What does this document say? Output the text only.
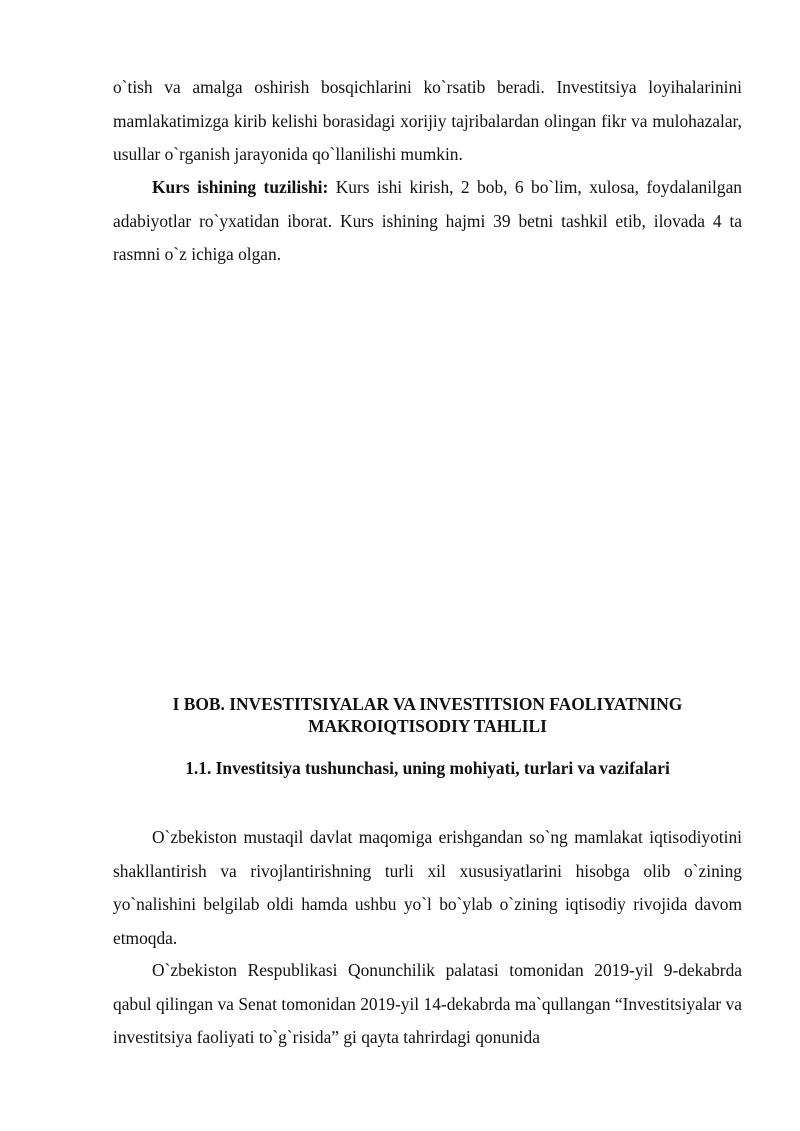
o`tish va amalga oshirish bosqichlarini ko`rsatib beradi. Investitsiya loyihalarinini mamlakatimizga kirib kelishi borasidagi xorijiy tajribalardan olingan fikr va mulohazalar, usullar o`rganish jarayonida qo`llanilishi mumkin.

Kurs ishining tuzilishi: Kurs ishi kirish, 2 bob, 6 bo`lim, xulosa, foydalanilgan adabiyotlar ro`yxatidan iborat. Kurs ishining hajmi 39 betni tashkil etib, ilovada 4 ta rasmni o`z ichiga olgan.

I BOB. INVESTITSIYALAR VA INVESTITSION FAOLIYATNING
MAKROIQTISODIY TAHLILI
1.1. Investitsiya tushunchasi, uning mohiyati, turlari va vazifalari

O`zbekiston mustaqil davlat maqomiga erishgandan so`ng mamlakat iqtisodiyotini shakllantirish va rivojlantirishning turli xil xususiyatlarini hisobga olib o`zining yo`nalishini belgilab oldi hamda ushbu yo`l bo`ylab o`zining iqtisodiy rivojida davom etmoqda.

O`zbekiston Respublikasi Qonunchilik palatasi tomonidan 2019-yil 9-dekabrda qabul qilingan va Senat tomonidan 2019-yil 14-dekabrda ma`qullangan “Investitsiyalar va investitsiya faoliyati to`g`risida” gi qayta tahrirdagi qonunida
